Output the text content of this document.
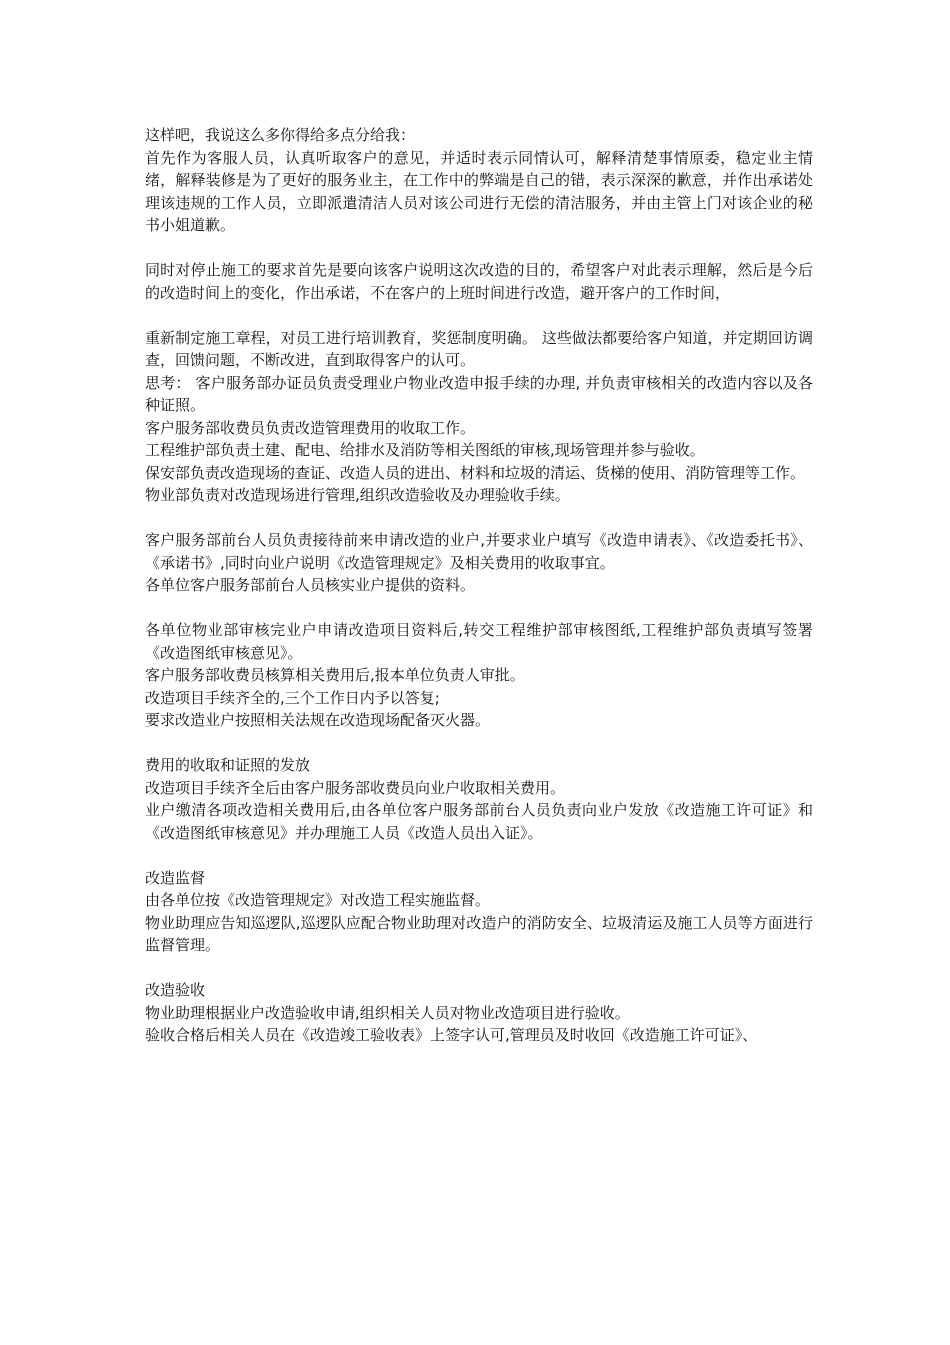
这样吧，我说这么多你得给多点分给我：

首先作为客服人员，认真听取客户的意见，并适时表示同情认可，解释清楚事情原委，稳定业主情绪，解释装修是为了更好的服务业主，在工作中的弊端是自己的错，表示深深的歉意，并作出承诺处理该违规的工作人员，立即派遣清洁人员对该公司进行无偿的清洁服务，并由主管上门对该企业的秘书小姐道歉。

同时对停止施工的要求首先是要向该客户说明这次改造的目的，希望客户对此表示理解，然后是今后的改造时间上的变化，作出承诺，不在客户的上班时间进行改造，避开客户的工作时间，

重新制定施工章程，对员工进行培训教育，奖惩制度明确。 这些做法都要给客户知道，并定期回访调查，回馈问题，不断改进，直到取得客户的认可。

思考： 客户服务部办证员负责受理业户物业改造申报手续的办理, 并负责审核相关的改造内容以及各种证照。

客户服务部收费员负责改造管理费用的收取工作。

工程维护部负责土建、配电、给排水及消防等相关图纸的审核,现场管理并参与验收。

保安部负责改造现场的查证、改造人员的进出、材料和垃圾的清运、货梯的使用、消防管理等工作。

物业部负责对改造现场进行管理,组织改造验收及办理验收手续。

客户服务部前台人员负责接待前来申请改造的业户,并要求业户填写《改造申请表》、《改造委托书》、《承诺书》,同时向业户说明《改造管理规定》及相关费用的收取事宜。

各单位客户服务部前台人员核实业户提供的资料。

各单位物业部审核完业户申请改造项目资料后,转交工程维护部审核图纸,工程维护部负责填写签署《改造图纸审核意见》。

客户服务部收费员核算相关费用后,报本单位负责人审批。

改造项目手续齐全的,三个工作日内予以答复;

要求改造业户按照相关法规在改造现场配备灭火器。

费用的收取和证照的发放

改造项目手续齐全后由客户服务部收费员向业户收取相关费用。

业户缴清各项改造相关费用后,由各单位客户服务部前台人员负责向业户发放《改造施工许可证》和《改造图纸审核意见》并办理施工人员《改造人员出入证》。

改造监督

由各单位按《改造管理规定》对改造工程实施监督。

物业助理应告知巡逻队,巡逻队应配合物业助理对改造户的消防安全、垃圾清运及施工人员等方面进行监督管理。

改造验收

物业助理根据业户改造验收申请,组织相关人员对物业改造项目进行验收。

验收合格后相关人员在《改造竣工验收表》上签字认可,管理员及时收回《改造施工许可证》、
